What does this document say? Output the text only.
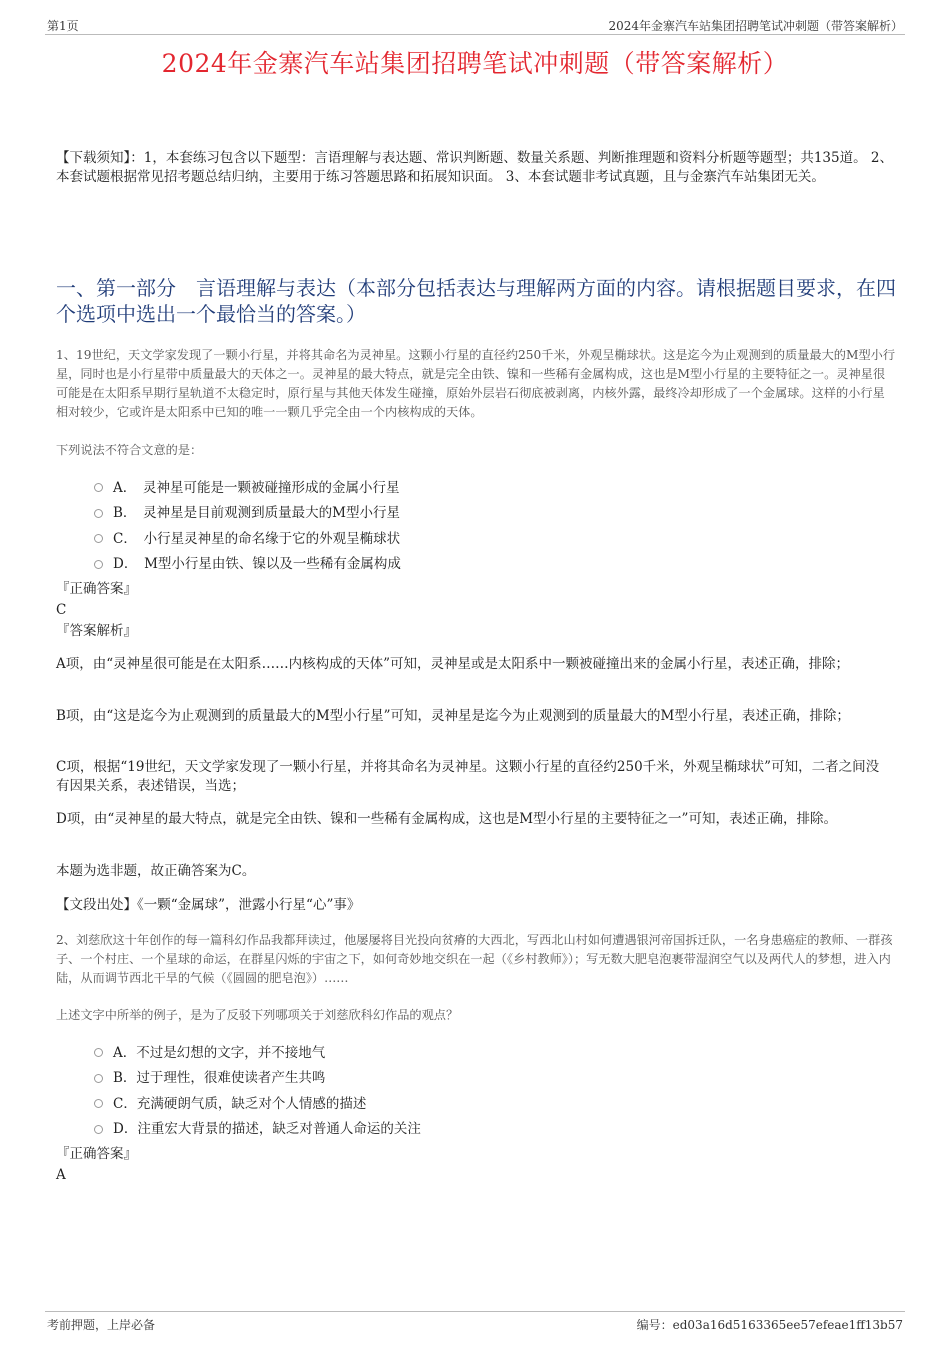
第1页	2024年金寨汽车站集团招聘笔试冲刺题（带答案解析）
2024年金寨汽车站集团招聘笔试冲刺题（带答案解析）
【下载须知】：1，本套练习包含以下题型：言语理解与表达题、常识判断题、数量关系题、判断推理题和资料分析题等题型；共135道。 2、本套试题根据常见招考题总结归纳，主要用于练习答题思路和拓展知识面。 3、本套试题非考试真题，且与金寨汽车站集团无关。
一、第一部分　言语理解与表达（本部分包括表达与理解两方面的内容。请根据题目要求，在四个选项中选出一个最恰当的答案。）
1、19世纪，天文学家发现了一颗小行星，并将其命名为灵神星。这颗小行星的直径约250千米，外观呈椭球状。这是迄今为止观测到的质量最大的M型小行星，同时也是小行星带中质量最大的天体之一。灵神星的最大特点，就是完全由铁、镍和一些稀有金属构成，这也是M型小行星的主要特征之一。灵神星很可能是在太阳系早期行星轨道不太稳定时，原行星与其他天体发生碰撞，原始外层岩石彻底被剥离，内核外露，最终冷却形成了一个金属球。这样的小行星相对较少，它或许是太阳系中已知的唯一一颗几乎完全由一个内核构成的天体。
下列说法不符合文意的是：
A．　灵神星可能是一颗被碰撞形成的金属小行星
B．　灵神星是目前观测到质量最大的M型小行星
C．　小行星灵神星的命名缘于它的外观呈椭球状
D．　M型小行星由铁、镍以及一些稀有金属构成
『正确答案』
C
『答案解析』
A项，由“灵神星很可能是在太阳系……内核构成的天体”可知，灵神星或是太阳系中一颗被碰撞出来的金属小行星，表述正确，排除；
B项，由“这是迄今为止观测到的质量最大的M型小行星”可知，灵神星是迄今为止观测到的质量最大的M型小行星，表述正确，排除；
C项，根据“19世纪，天文学家发现了一颗小行星，并将其命名为灵神星。这颗小行星的直径约250千米，外观呈椭球状”可知，二者之间没有因果关系，表述错误，当选；
D项，由“灵神星的最大特点，就是完全由铁、镍和一些稀有金属构成，这也是M型小行星的主要特征之一”可知，表述正确，排除。
本题为选非题，故正确答案为C。
【文段出处】《一颗“金属球”，泄露小行星“心”事》
2、刘慈欣这十年创作的每一篇科幻作品我都拜读过，他屡屡将目光投向贫瘠的大西北，写西北山村如何遭遇银河帝国拆迁队，一名身患癌症的教师、一群孩子、一个村庄、一个星球的命运，在群星闪烁的宇宙之下，如何奇妙地交织在一起（《乡村教师》）；写无数大肥皂泡裹带湿润空气以及两代人的梦想，进入内陆，从而调节西北干旱的气候（《圆圆的肥皂泡》）……
上述文字中所举的例子，是为了反驳下列哪项关于刘慈欣科幻作品的观点？
A．不过是幻想的文字，并不接地气
B．过于理性，很难使读者产生共鸣
C．充满硬朗气质，缺乏对个人情感的描述
D．注重宏大背景的描述，缺乏对普通人命运的关注
『正确答案』
A
考前押题，上岸必备	编号：ed03a16d5163365ee57efeae1ff13b57
